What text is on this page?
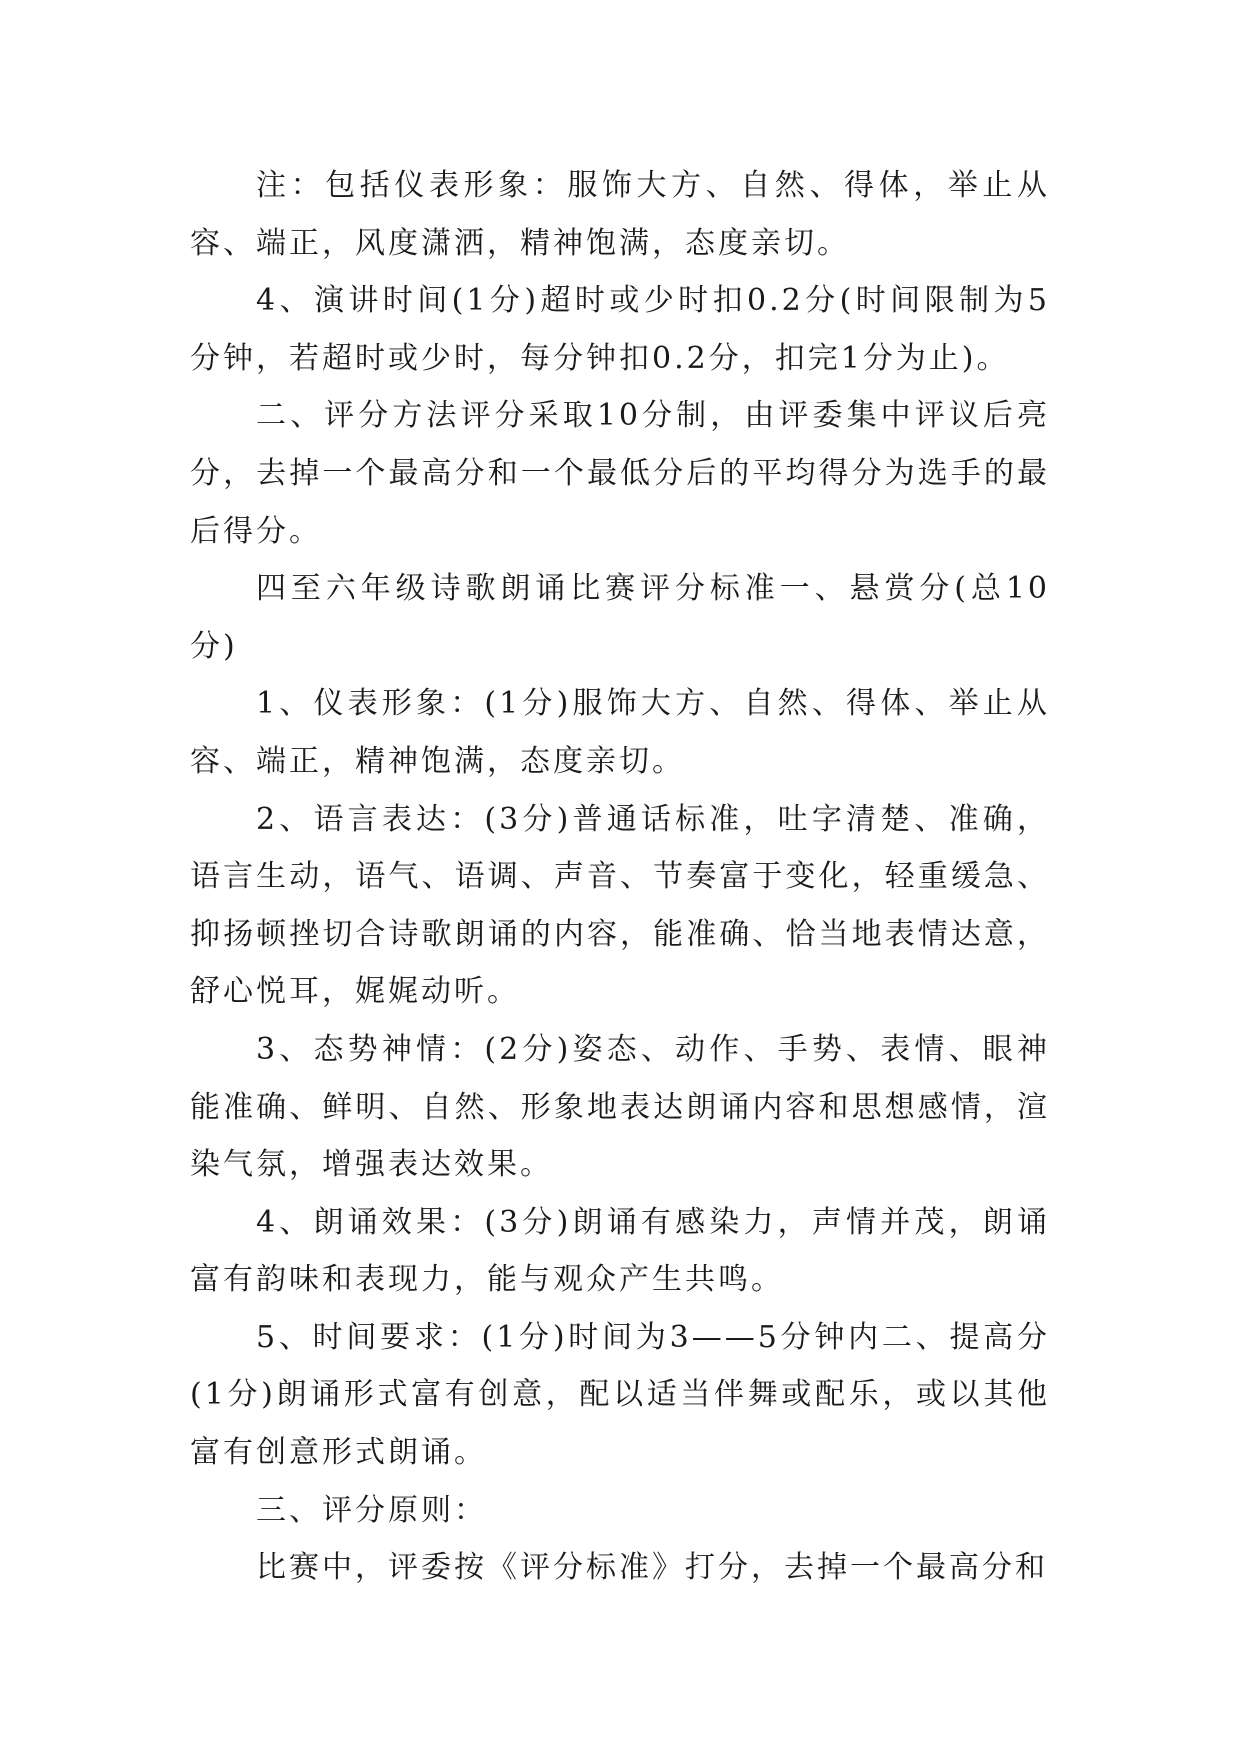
注：包括仪表形象：服饰大方、自然、得体，举止从容、端正，风度潇洒，精神饱满，态度亲切。

4、演讲时间(1分)超时或少时扣0.2分(时间限制为5分钟，若超时或少时，每分钟扣0.2分，扣完1分为止)。

二、评分方法评分采取10分制，由评委集中评议后亮分，去掉一个最高分和一个最低分后的平均得分为选手的最后得分。

四至六年级诗歌朗诵比赛评分标准一、悬赏分(总10分)

1、仪表形象：(1分)服饰大方、自然、得体、举止从容、端正，精神饱满，态度亲切。

2、语言表达：(3分)普通话标准，吐字清楚、准确，语言生动，语气、语调、声音、节奏富于变化，轻重缓急、抑扬顿挫切合诗歌朗诵的内容，能准确、恰当地表情达意，舒心悦耳，娓娓动听。

3、态势神情：(2分)姿态、动作、手势、表情、眼神能准确、鲜明、自然、形象地表达朗诵内容和思想感情，渲染气氛，增强表达效果。

4、朗诵效果：(3分)朗诵有感染力，声情并茂，朗诵富有韵味和表现力，能与观众产生共鸣。

5、时间要求：(1分)时间为3——5分钟内二、提高分(1分)朗诵形式富有创意，配以适当伴舞或配乐，或以其他富有创意形式朗诵。

三、评分原则：

比赛中，评委按《评分标准》打分，去掉一个最高分和
